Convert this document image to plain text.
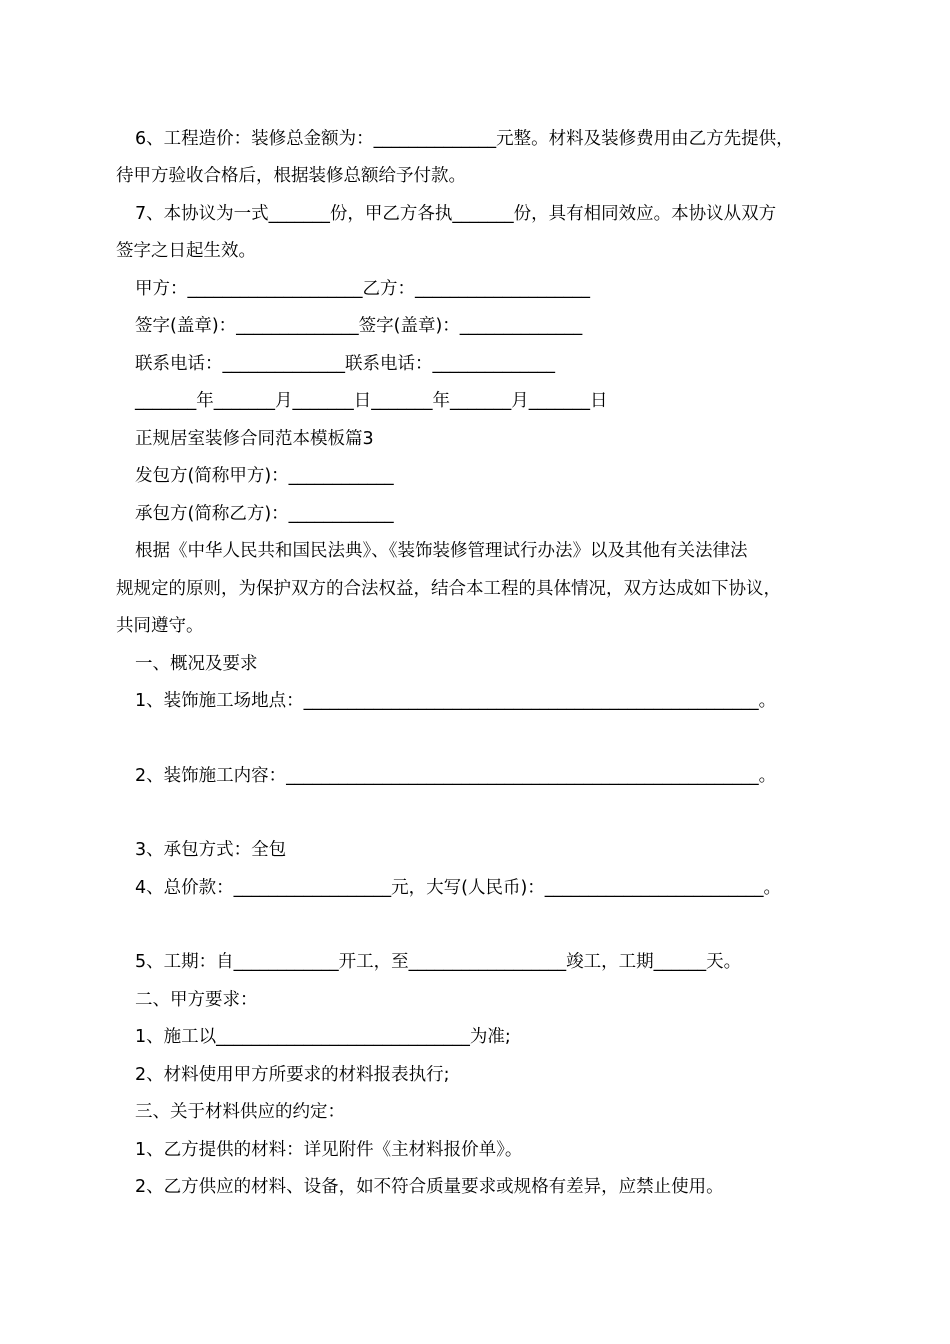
6、工程造价：装修总金额为：______________元整。材料及装修费用由乙方先提供，
待甲方验收合格后，根据装修总额给予付款。
7、本协议为一式_______份，甲乙方各执_______份，具有相同效应。本协议从双方
签字之日起生效。
甲方：____________________乙方：____________________
签字(盖章)：______________签字(盖章)：______________
联系电话：______________联系电话：______________
_______年_______月_______日_______年_______月_______日
正规居室装修合同范本模板篇3
发包方(简称甲方)：____________
承包方(简称乙方)：____________
根据《中华人民共和国民法典》、《装饰装修管理试行办法》以及其他有关法律法
规规定的原则，为保护双方的合法权益，结合本工程的具体情况，双方达成如下协议，
共同遵守。
一、概况及要求
1、装饰施工场地点：____________________________________________________。
2、装饰施工内容：______________________________________________________。
3、承包方式：全包
4、总价款：__________________元，大写(人民币)：_________________________。
5、工期：自____________开工，至__________________竣工，工期______天。
二、甲方要求：
1、施工以_____________________________为准;
2、材料使用甲方所要求的材料报表执行;
三、关于材料供应的约定：
1、乙方提供的材料：详见附件《主材料报价单》。
2、乙方供应的材料、设备，如不符合质量要求或规格有差异，应禁止使用。
